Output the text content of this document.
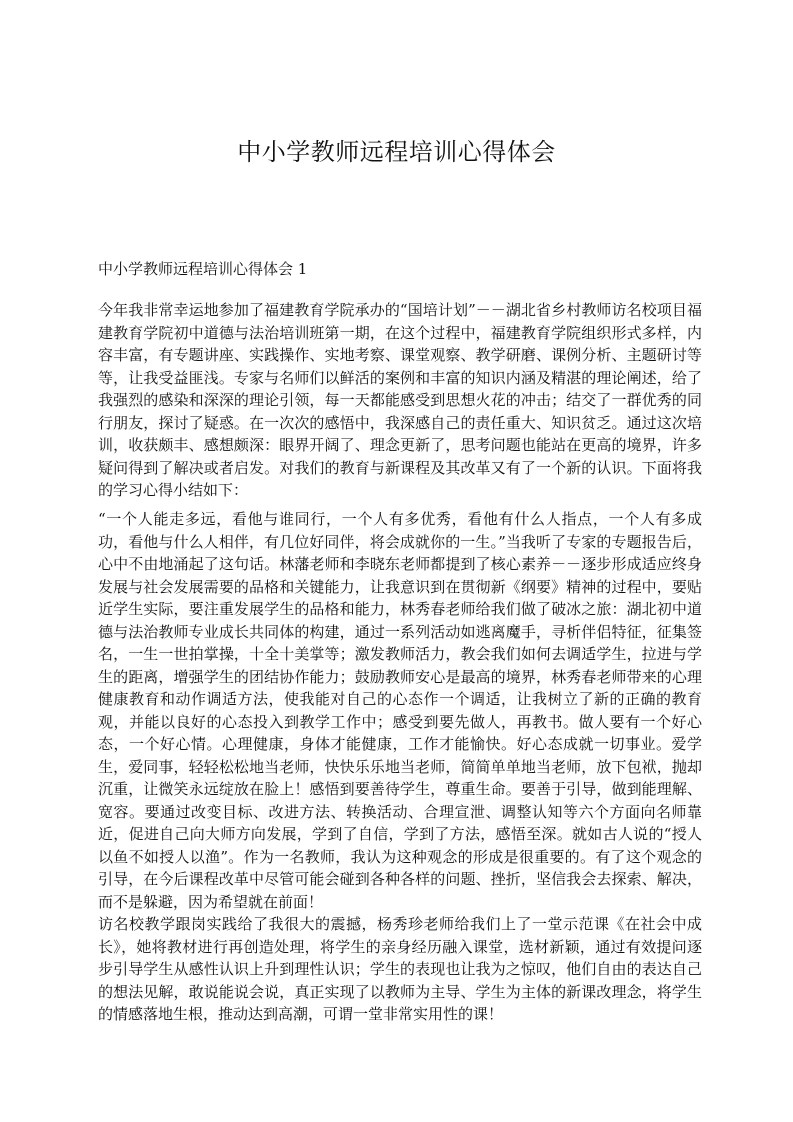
中小学教师远程培训心得体会

中小学教师远程培训心得体会 1

今年我非常幸运地参加了福建教育学院承办的“国培计划”－－湖北省乡村教师访名校项目福建教育学院初中道德与法治培训班第一期，在这个过程中，福建教育学院组织形式多样，内容丰富，有专题讲座、实践操作、实地考察、课堂观察、教学研磨、课例分析、主题研讨等等，让我受益匪浅。专家与名师们以鲜活的案例和丰富的知识内涵及精湛的理论阐述，给了我强烈的感染和深深的理论引领，每一天都能感受到思想火花的冲击；结交了一群优秀的同行朋友，探讨了疑惑。在一次次的感悟中，我深感自己的责任重大、知识贫乏。通过这次培训，收获颇丰、感想颇深：眼界开阔了、理念更新了，思考问题也能站在更高的境界，许多疑问得到了解决或者启发。对我们的教育与新课程及其改革又有了一个新的认识。下面将我的学习心得小结如下：

“一个人能走多远，看他与谁同行，一个人有多优秀，看他有什么人指点，一个人有多成功，看他与什么人相伴，有几位好同伴，将会成就你的一生。”当我听了专家的专题报告后，心中不由地涌起了这句话。林藩老师和李晓东老师都提到了核心素养－－逐步形成适应终身发展与社会发展需要的品格和关键能力，让我意识到在贯彻新《纲要》精神的过程中，要贴近学生实际，要注重发展学生的品格和能力，林秀春老师给我们做了破冰之旅：湖北初中道德与法治教师专业成长共同体的构建，通过一系列活动如逃离魔手，寻析伴侣特征，征集签名，一生一世拍掌操，十全十美掌等；激发教师活力，教会我们如何去调适学生，拉进与学生的距离，增强学生的团结协作能力；鼓励教师安心是最高的境界，林秀春老师带来的心理健康教育和动作调适方法，使我能对自己的心态作一个调适，让我树立了新的正确的教育观，并能以良好的心态投入到教学工作中；感受到要先做人，再教书。做人要有一个好心态，一个好心情。心理健康，身体才能健康，工作才能愉快。好心态成就一切事业。爱学生，爱同事，轻轻松松地当老师，快快乐乐地当老师，简简单单地当老师，放下包袱，抛却沉重，让微笑永远绽放在脸上！感悟到要善待学生，尊重生命。要善于引导，做到能理解、宽容。要通过改变目标、改进方法、转换活动、合理宣泄、调整认知等六个方面向名师靠近，促进自己向大师方向发展，学到了自信，学到了方法，感悟至深。就如古人说的“授人以鱼不如授人以渔”。作为一名教师，我认为这种观念的形成是很重要的。有了这个观念的引导，在今后课程改革中尽管可能会碰到各种各样的问题、挫折，坚信我会去探索、解决，而不是躲避，因为希望就在前面！

访名校教学跟岗实践给了我很大的震撼，杨秀珍老师给我们上了一堂示范课《在社会中成长》，她将教材进行再创造处理，将学生的亲身经历融入课堂，选材新颖，通过有效提问逐步引导学生从感性认识上升到理性认识；学生的表现也让我为之惊叹，他们自由的表达自己的想法见解，敢说能说会说，真正实现了以教师为主导、学生为主体的新课改理念，将学生的情感落地生根，推动达到高潮，可谓一堂非常实用性的课！
